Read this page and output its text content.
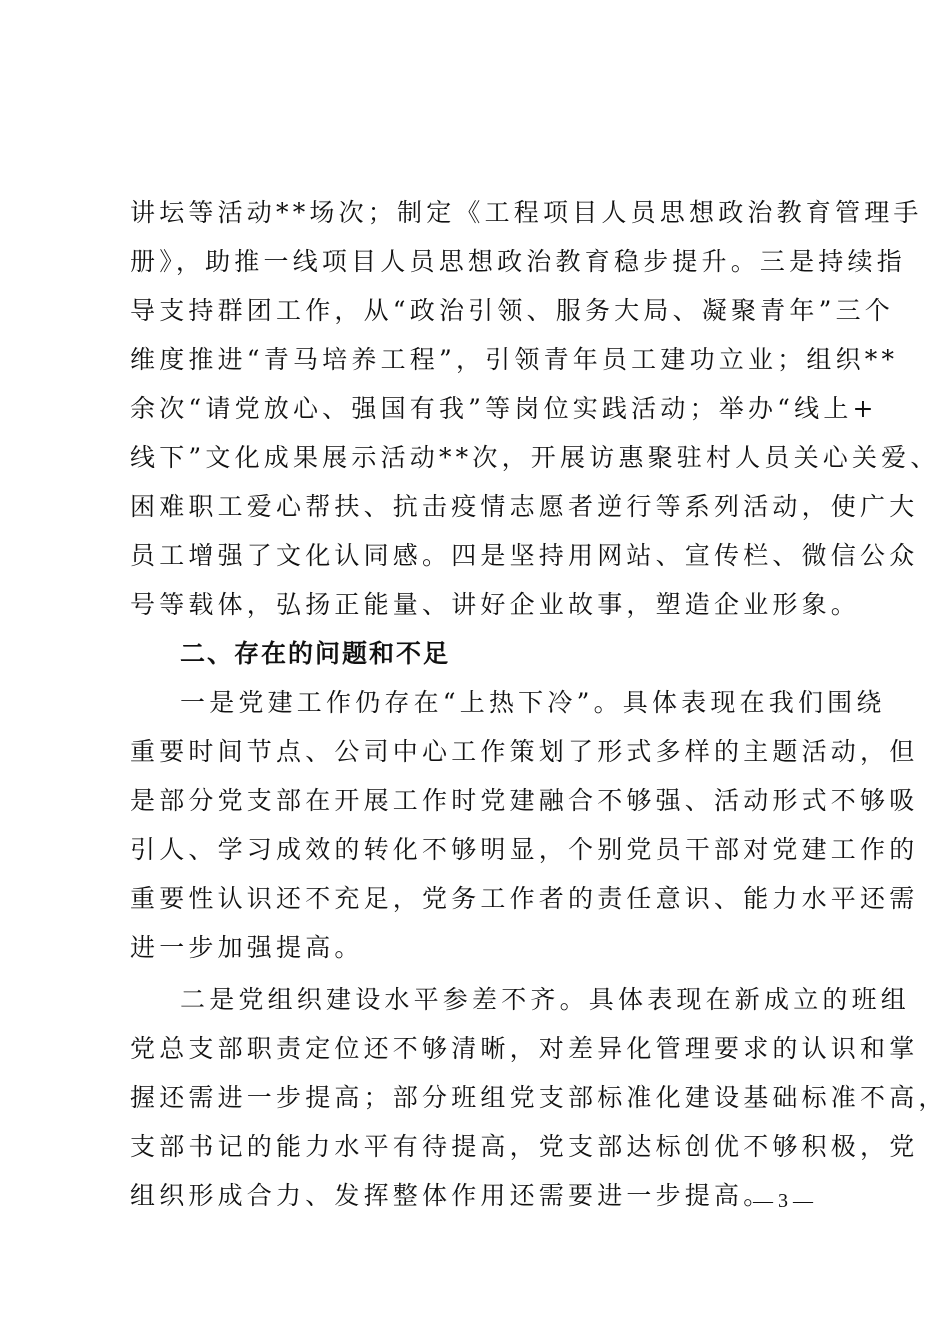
讲坛等活动**场次；制定《工程项目人员思想政治教育管理手

册》，助推一线项目人员思想政治教育稳步提升。三是持续指

导支持群团工作，从“政治引领、服务大局、凝聚青年”三个

维度推进“青马培养工程”，引领青年员工建功立业；组织**

余次“请党放心、强国有我”等岗位实践活动；举办“线上+

线下”文化成果展示活动**次，开展访惠聚驻村人员关心关爱、

困难职工爱心帮扶、抗击疫情志愿者逆行等系列活动，使广大

员工增强了文化认同感。四是坚持用网站、宣传栏、微信公众

号等载体，弘扬正能量、讲好企业故事，塑造企业形象。

二、存在的问题和不足

一是党建工作仍存在“上热下冷”。具体表现在我们围绕

重要时间节点、公司中心工作策划了形式多样的主题活动，但

是部分党支部在开展工作时党建融合不够强、活动形式不够吸

引人、学习成效的转化不够明显，个别党员干部对党建工作的

重要性认识还不充足，党务工作者的责任意识、能力水平还需

进一步加强提高。

二是党组织建设水平参差不齐。具体表现在新成立的班组

党总支部职责定位还不够清晰，对差异化管理要求的认识和掌

握还需进一步提高；部分班组党支部标准化建设基础标准不高，

支部书记的能力水平有待提高，党支部达标创优不够积极，党

组织形成合力、发挥整体作用还需要进一步提高。

— 3 —
